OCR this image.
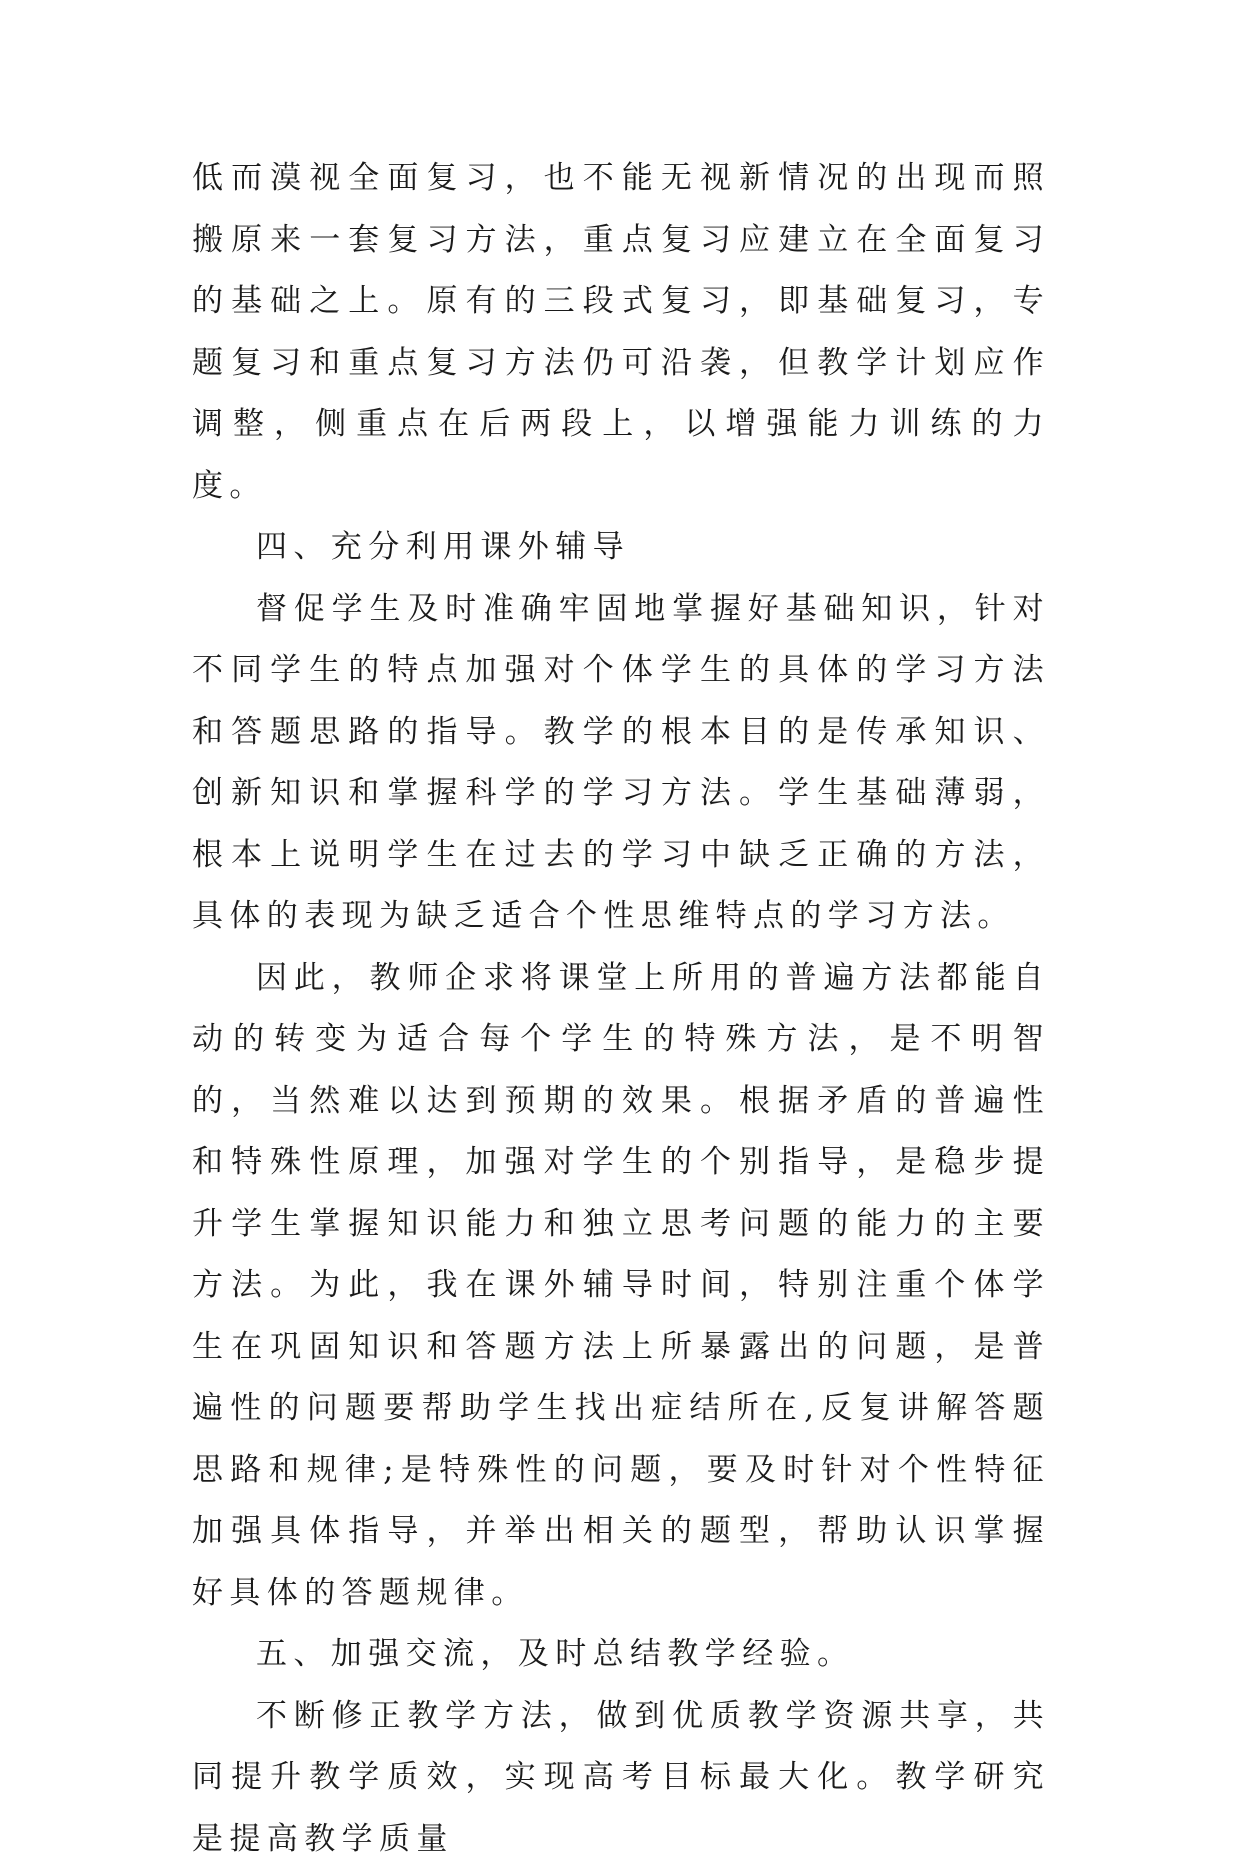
低而漠视全面复习，也不能无视新情况的出现而照搬原来一套复习方法，重点复习应建立在全面复习的基础之上。原有的三段式复习，即基础复习，专题复习和重点复习方法仍可沿袭，但教学计划应作调整，侧重点在后两段上，以增强能力训练的力度。

四、充分利用课外辅导

督促学生及时准确牢固地掌握好基础知识，针对不同学生的特点加强对个体学生的具体的学习方法和答题思路的指导。教学的根本目的是传承知识、创新知识和掌握科学的学习方法。学生基础薄弱，根本上说明学生在过去的学习中缺乏正确的方法，具体的表现为缺乏适合个性思维特点的学习方法。

因此，教师企求将课堂上所用的普遍方法都能自动的转变为适合每个学生的特殊方法，是不明智的，当然难以达到预期的效果。根据矛盾的普遍性和特殊性原理，加强对学生的个别指导，是稳步提升学生掌握知识能力和独立思考问题的能力的主要方法。为此，我在课外辅导时间，特别注重个体学生在巩固知识和答题方法上所暴露出的问题，是普遍性的问题要帮助学生找出症结所在,反复讲解答题思路和规律;是特殊性的问题，要及时针对个性特征加强具体指导，并举出相关的题型，帮助认识掌握好具体的答题规律。

五、加强交流，及时总结教学经验。

不断修正教学方法，做到优质教学资源共享，共同提升教学质效，实现高考目标最大化。教学研究是提高教学质量
